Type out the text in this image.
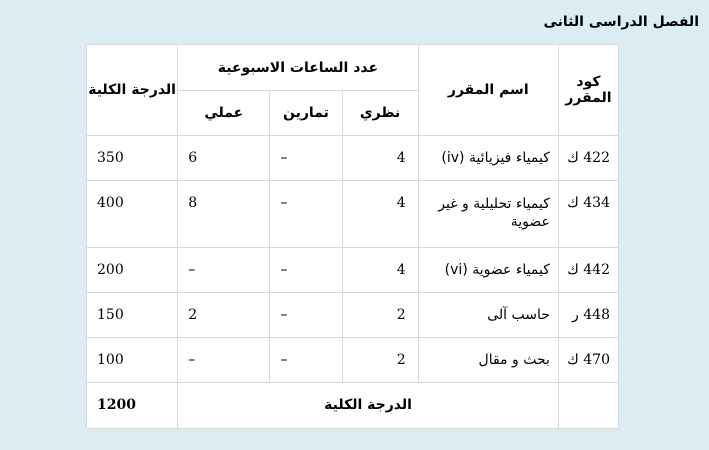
الفصل الدراسى الثانى
كود المقرر	اسم المقرر	عدد الساعات الاسبوعية			الدرجة الكلية
		نظري	تمارين	عملي	
422 ك	كيمياء فيزيائية (iv)	4	–	6	350
434 ك	كيمياء تحليلية و غير عضوية	4	–	8	400
442 ك	كيمياء عضوية (vi)	4	–	–	200
448 ر	حاسب آلى	2	–	2	150
470 ك	بحث و مقال	2	–	–	100
	الدرجة الكلية				1200
